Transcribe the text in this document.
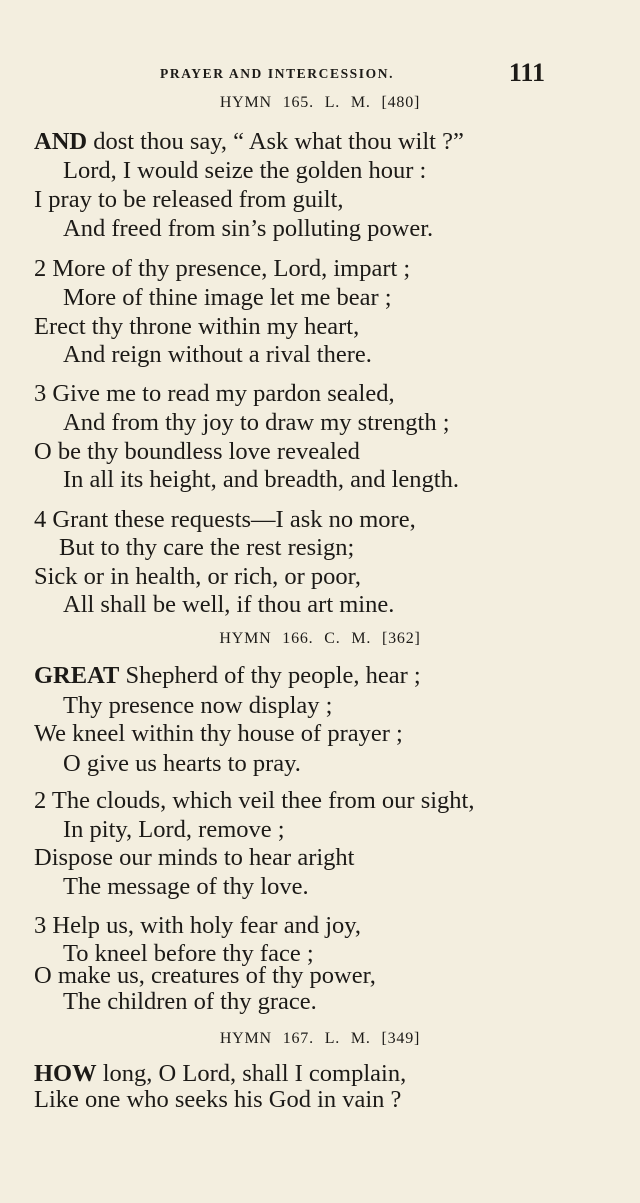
PRAYER AND INTERCESSION.	111
HYMN 165. L. M. [480]
AND dost thou say, “ Ask what thou wilt ?”
Lord, I would seize the golden hour :
I pray to be released from guilt,
And freed from sin’s polluting power.
2 More of thy presence, Lord, impart ;
More of thine image let me bear ;
Erect thy throne within my heart,
And reign without a rival there.
3 Give me to read my pardon sealed,
And from thy joy to draw my strength ;
O be thy boundless love revealed
In all its height, and breadth, and length.
4 Grant these requests—I ask no more,
But to thy care the rest resign;
Sick or in health, or rich, or poor,
All shall be well, if thou art mine.
HYMN 166. C. M. [362]
GREAT Shepherd of thy people, hear ;
Thy presence now display ;
We kneel within thy house of prayer ;
O give us hearts to pray.
2 The clouds, which veil thee from our sight,
In pity, Lord, remove ;
Dispose our minds to hear aright
The message of thy love.
3 Help us, with holy fear and joy,
To kneel before thy face ;
O make us, creatures of thy power,
The children of thy grace.
HYMN 167. L. M. [349]
HOW long, O Lord, shall I complain,
Like one who seeks his God in vain ?
